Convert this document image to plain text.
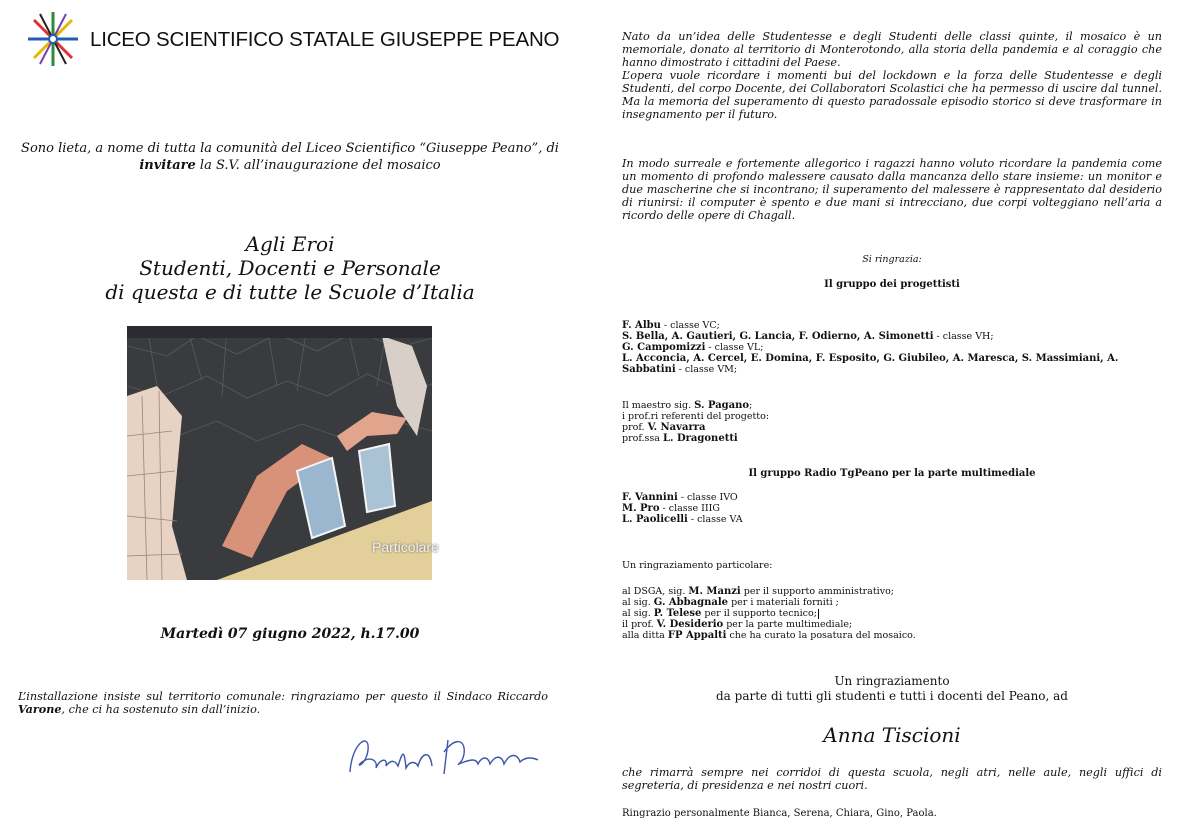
LICEO SCIENTIFICO STATALE GIUSEPPE PEANO
Sono lieta, a nome di tutta la comunità del Liceo Scientifico “Giuseppe Peano”, di invitare la S.V. all’inaugurazione del mosaico
Agli Eroi
Studenti, Docenti e Personale
di questa e di tutte le Scuole d’Italia
Particolare
Martedì 07 giugno 2022, h.17.00
L’installazione insiste sul territorio comunale: ringraziamo per questo il Sindaco Riccardo Varone, che ci ha sostenuto sin dall’inizio.

Nato da un’idea delle Studentesse e degli Studenti delle classi quinte, il mosaico è un memoriale, donato al territorio di Monterotondo, alla storia della pandemia e al coraggio che hanno dimostrato i cittadini del Paese.

L’opera vuole ricordare i momenti bui del lockdown e la forza delle Studentesse e degli Studenti, del corpo Docente, dei Collaboratori Scolastici che ha permesso di uscire dal tunnel. Ma la memoria del superamento di questo paradossale episodio storico si deve trasformare in insegnamento per il futuro.

In modo surreale e fortemente allegorico i ragazzi hanno voluto ricordare la pandemia come un momento di profondo malessere causato dalla mancanza dello stare insieme: un monitor e due mascherine che si incontrano; il superamento del malessere è rappresentato dal desiderio di riunirsi: il computer è spento e due mani si intrecciano, due corpi volteggiano nell’aria a ricordo delle opere di Chagall.

Si ringrazia:
Il gruppo dei progettisti
F. Albu - classe VC;
S. Bella, A. Gautieri, G. Lancia, F. Odierno, A. Simonetti - classe VH;
G. Campomizzi - classe VL;
L. Acconcia, A. Cercel, E. Domina, F. Esposito, G. Giubileo, A. Maresca, S. Massimiani, A. Sabbatini - classe VM;
Il maestro sig. S. Pagano;
i prof.ri referenti del progetto:
prof. V. Navarra
prof.ssa L. Dragonetti
Il gruppo Radio TgPeano per la parte multimediale
F. Vannini - classe IVO
M. Pro - classe IIIG
L. Paolicelli - classe VA
Un ringraziamento particolare:
al DSGA, sig. M. Manzi per il supporto amministrativo;
al sig. G. Abbagnale per i materiali forniti ;
al sig. P. Telese per il supporto tecnico;
il prof. V. Desiderio per la parte multimediale;
alla ditta FP Appalti che ha curato la posatura del mosaico.
Un ringraziamento
da parte di tutti gli studenti e tutti i docenti del Peano, ad
Anna Tiscioni

che rimarrà sempre nei corridoi di questa scuola, negli atri, nelle aule, negli uffici di segreteria, di presidenza e nei nostri cuori.

Ringrazio personalmente Bianca, Serena, Chiara, Gino, Paola.
